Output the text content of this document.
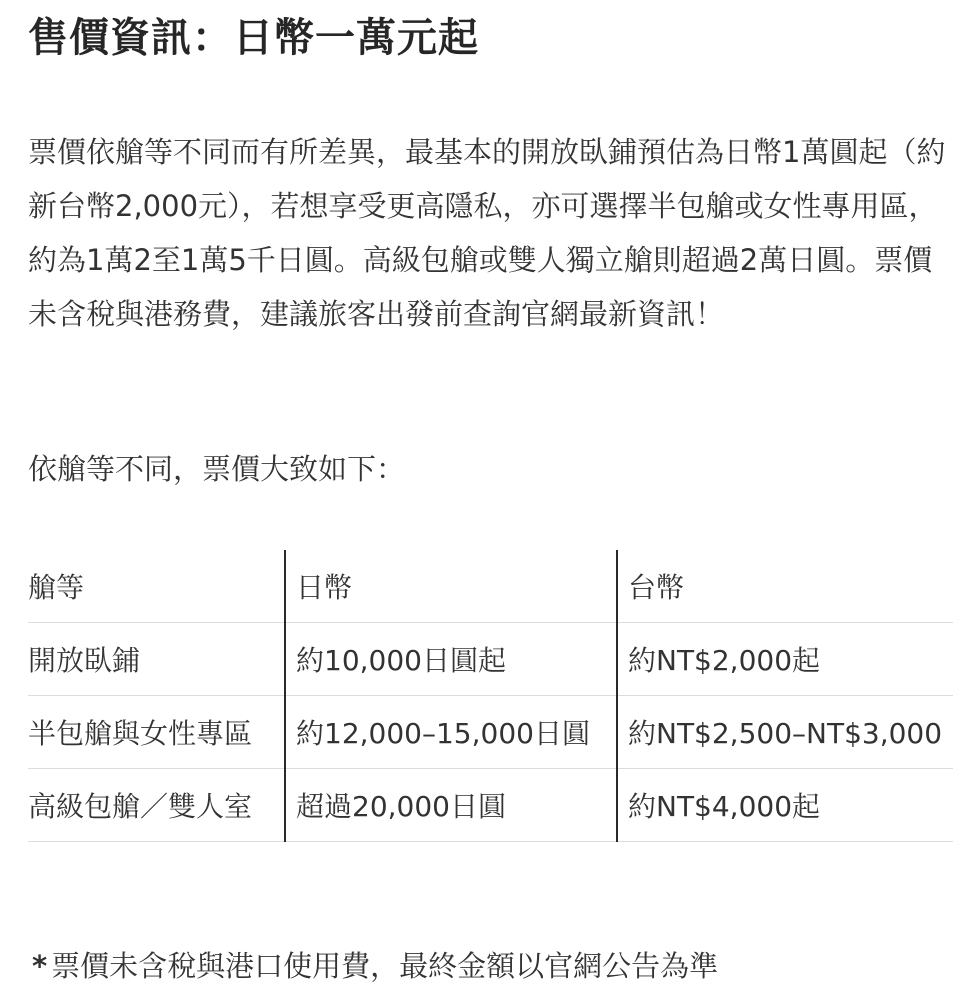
售價資訊：日幣一萬元起

票價依艙等不同而有所差異，最基本的開放臥鋪預估為日幣1萬圓起（約新台幣2,000元），若想享受更高隱私，亦可選擇半包艙或女性專用區，約為1萬2至1萬5千日圓。高級包艙或雙人獨立艙則超過2萬日圓。票價未含稅與港務費，建議旅客出發前查詢官網最新資訊！

依艙等不同，票價大致如下：

艙等	日幣	台幣
開放臥鋪	約10,000日圓起	約NT$2,000起
半包艙與女性專區	約12,000–15,000日圓	約NT$2,500–NT$3,000
高級包艙／雙人室	超過20,000日圓	約NT$4,000起

* 票價未含稅與港口使用費，最終金額以官網公告為準
